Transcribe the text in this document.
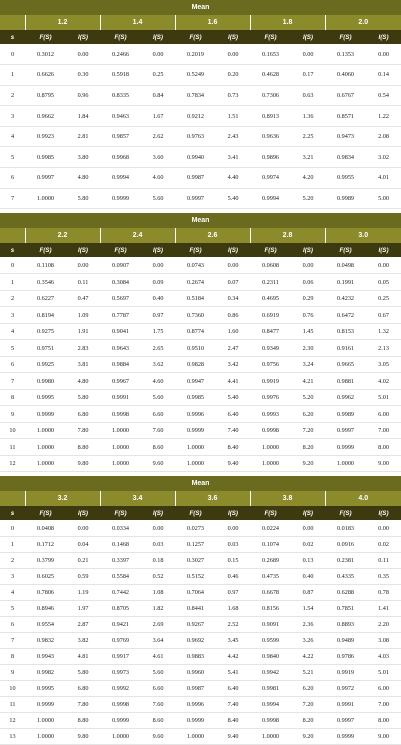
Mean										
	1.2		1.4		1.6		1.8		2.0	
s	F(S)	I(S)	F(S)	I(S)	F(S)	I(S)	F(S)	I(S)	F(S)	I(S)
0	0.3012	0.00	0.2466	0.00	0.2019	0.00	0.1653	0.00	0.1353	0.00
1	0.6626	0.30	0.5918	0.25	0.5249	0.20	0.4628	0.17	0.4060	0.14
2	0.8795	0.96	0.8335	0.84	0.7834	0.73	0.7306	0.63	0.6767	0.54
3	0.9662	1.84	0.9463	1.67	0.9212	1.51	0.8913	1.36	0.8571	1.22
4	0.9923	2.81	0.9857	2.62	0.9763	2.43	0.9636	2.25	0.9473	2.08
5	0.9985	3.80	0.9968	3.60	0.9940	3.41	0.9896	3.21	0.9834	3.02
6	0.9997	4.80	0.9994	4.60	0.9987	4.40	0.9974	4.20	0.9955	4.01
7	1.0000	5.80	0.9999	5.60	0.9997	5.40	0.9994	5.20	0.9989	5.00
Mean										
	2.2		2.4		2.6		2.8		3.0	
s	F(S)	I(S)	F(S)	I(S)	F(S)	I(S)	F(S)	I(S)	F(S)	I(S)
0	0.1108	0.00	0.0907	0.00	0.0743	0.00	0.0608	0.00	0.0498	0.00
1	0.3546	0.11	0.3084	0.09	0.2674	0.07	0.2311	0.06	0.1991	0.05
2	0.6227	0.47	0.5697	0.40	0.5184	0.34	0.4695	0.29	0.4232	0.25
3	0.8194	1.09	0.7787	0.97	0.7360	0.86	0.6919	0.76	0.6472	0.67
4	0.9275	1.91	0.9041	1.75	0.8774	1.60	0.8477	1.45	0.8153	1.32
5	0.9751	2.83	0.9643	2.65	0.9510	2.47	0.9349	2.30	0.9161	2.13
6	0.9925	3.81	0.9884	3.62	0.9828	3.42	0.9756	3.24	0.9665	3.05
7	0.9980	4.80	0.9967	4.60	0.9947	4.41	0.9919	4.21	0.9881	4.02
8	0.9995	5.80	0.9991	5.60	0.9985	5.40	0.9976	5.20	0.9962	5.01
9	0.9999	6.80	0.9998	6.60	0.9996	6.40	0.9993	6.20	0.9989	6.00
10	1.0000	7.80	1.0000	7.60	0.9999	7.40	0.9998	7.20	0.9997	7.00
11	1.0000	8.80	1.0000	8.60	1.0000	8.40	1.0000	8.20	0.9999	8.00
12	1.0000	9.80	1.0000	9.60	1.0000	9.40	1.0000	9.20	1.0000	9.00
Mean										
	3.2		3.4		3.6		3.8		4.0	
s	F(S)	I(S)	F(S)	I(S)	F(S)	I(S)	F(S)	I(S)	F(S)	I(S)
0	0.0408	0.00	0.0334	0.00	0.0273	0.00	0.0224	0.00	0.0183	0.00
1	0.1712	0.04	0.1468	0.03	0.1257	0.03	0.1074	0.02	0.0916	0.02
2	0.3799	0.21	0.3397	0.18	0.3027	0.15	0.2689	0.13	0.2381	0.11
3	0.6025	0.59	0.5584	0.52	0.5152	0.46	0.4735	0.40	0.4335	0.35
4	0.7806	1.19	0.7442	1.08	0.7064	0.97	0.6678	0.87	0.6288	0.78
5	0.8946	1.97	0.8705	1.82	0.8441	1.68	0.8156	1.54	0.7851	1.41
6	0.9554	2.87	0.9421	2.69	0.9267	2.52	0.9091	2.36	0.8893	2.20
7	0.9832	3.82	0.9769	3.64	0.9692	3.45	0.9599	3.26	0.9489	3.08
8	0.9943	4.81	0.9917	4.61	0.9883	4.42	0.9840	4.22	0.9786	4.03
9	0.9982	5.80	0.9973	5.60	0.9960	5.41	0.9942	5.21	0.9919	5.01
10	0.9995	6.80	0.9992	6.60	0.9987	6.40	0.9981	6.20	0.9972	6.00
11	0.9999	7.80	0.9998	7.60	0.9996	7.40	0.9994	7.20	0.9991	7.00
12	1.0000	8.80	0.9999	8.60	0.9999	8.40	0.9998	8.20	0.9997	8.00
13	1.0000	9.80	1.0000	9.60	1.0000	9.40	1.0000	9.20	0.9999	9.00
